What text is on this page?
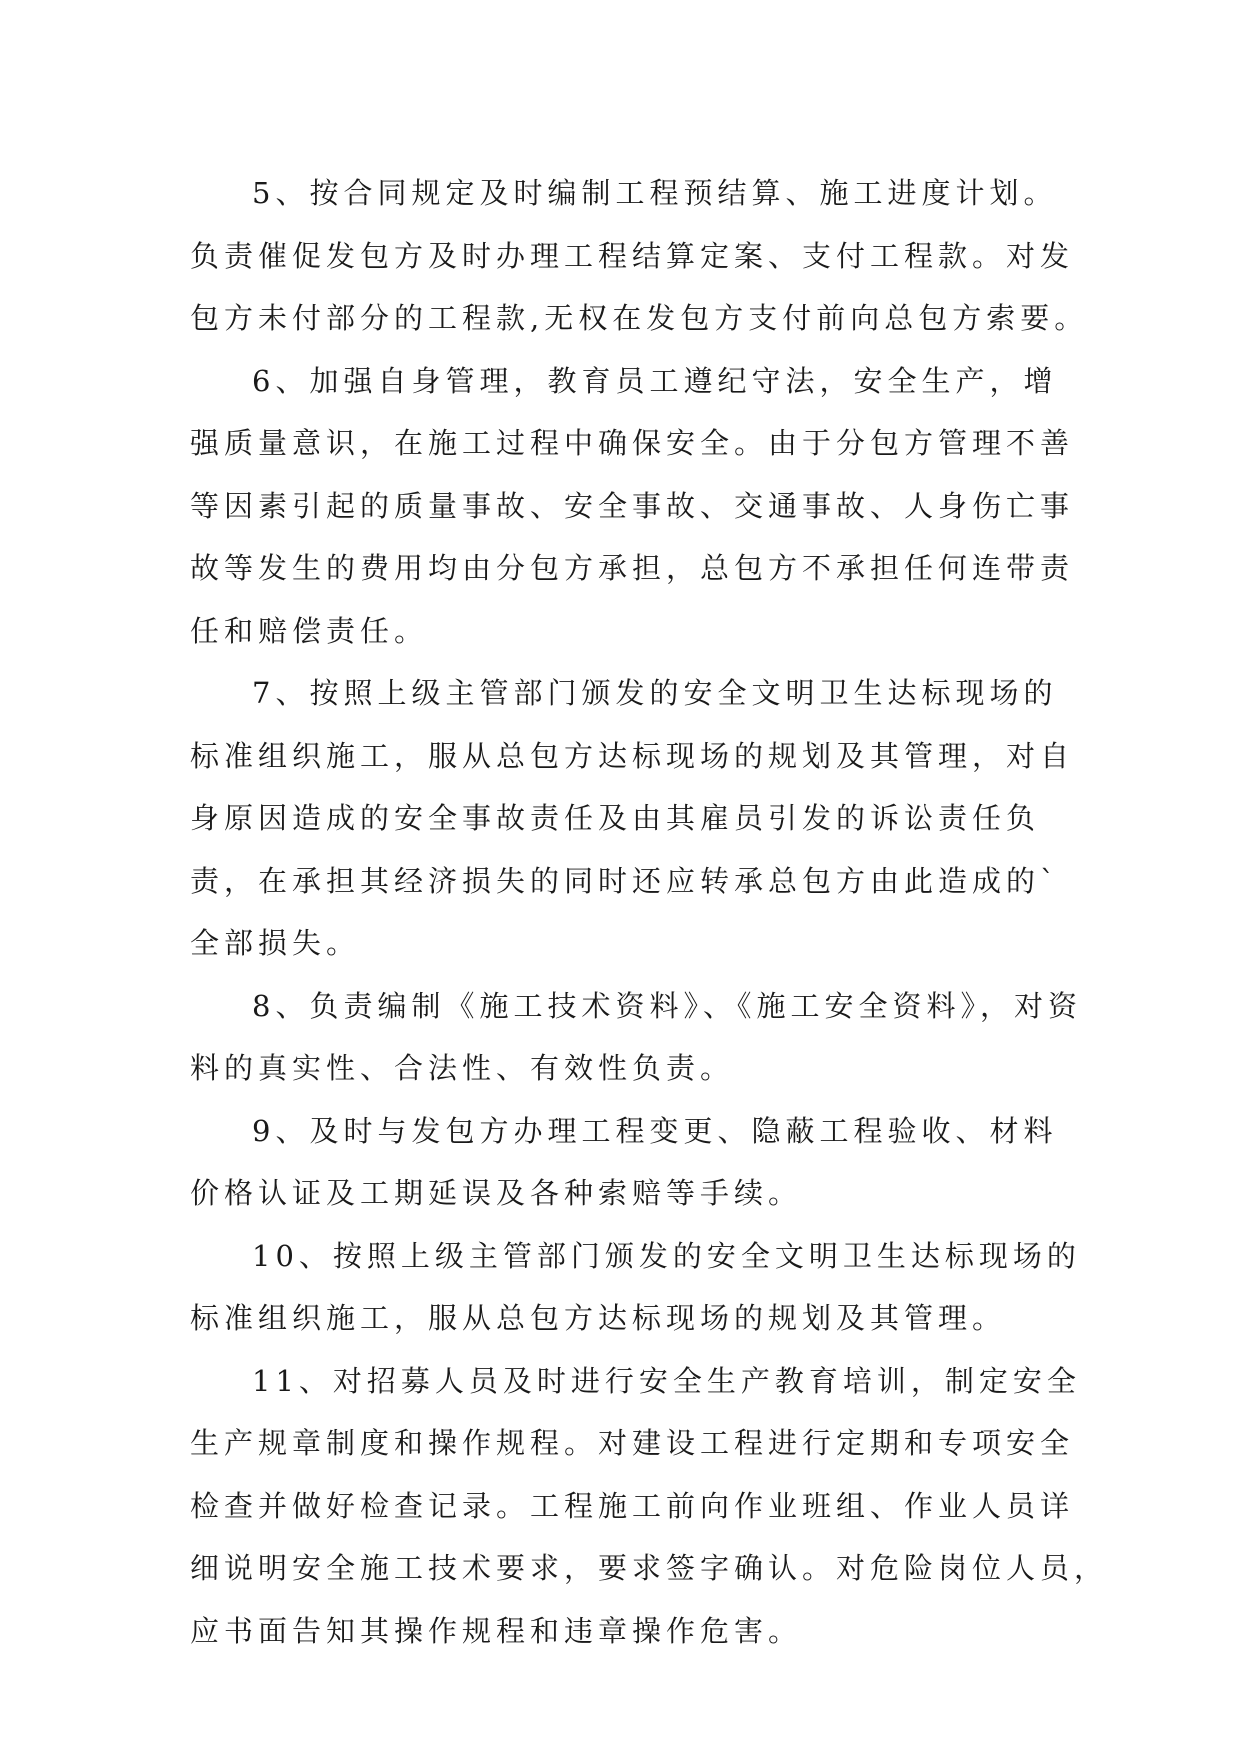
5、按合同规定及时编制工程预结算、施工进度计划。
负责催促发包方及时办理工程结算定案、支付工程款。对发
包方未付部分的工程款,无权在发包方支付前向总包方索要。
6、加强自身管理，教育员工遵纪守法，安全生产，增
强质量意识，在施工过程中确保安全。由于分包方管理不善
等因素引起的质量事故、安全事故、交通事故、人身伤亡事
故等发生的费用均由分包方承担，总包方不承担任何连带责
任和赔偿责任。
7、按照上级主管部门颁发的安全文明卫生达标现场的
标准组织施工，服从总包方达标现场的规划及其管理，对自
身原因造成的安全事故责任及由其雇员引发的诉讼责任负
责，在承担其经济损失的同时还应转承总包方由此造成的`
全部损失。
8、负责编制《施工技术资料》、《施工安全资料》，对资
料的真实性、合法性、有效性负责。
9、及时与发包方办理工程变更、隐蔽工程验收、材料
价格认证及工期延误及各种索赔等手续。
10、按照上级主管部门颁发的安全文明卫生达标现场的
标准组织施工，服从总包方达标现场的规划及其管理。
11、对招募人员及时进行安全生产教育培训，制定安全
生产规章制度和操作规程。对建设工程进行定期和专项安全
检查并做好检查记录。工程施工前向作业班组、作业人员详
细说明安全施工技术要求，要求签字确认。对危险岗位人员，
应书面告知其操作规程和违章操作危害。
